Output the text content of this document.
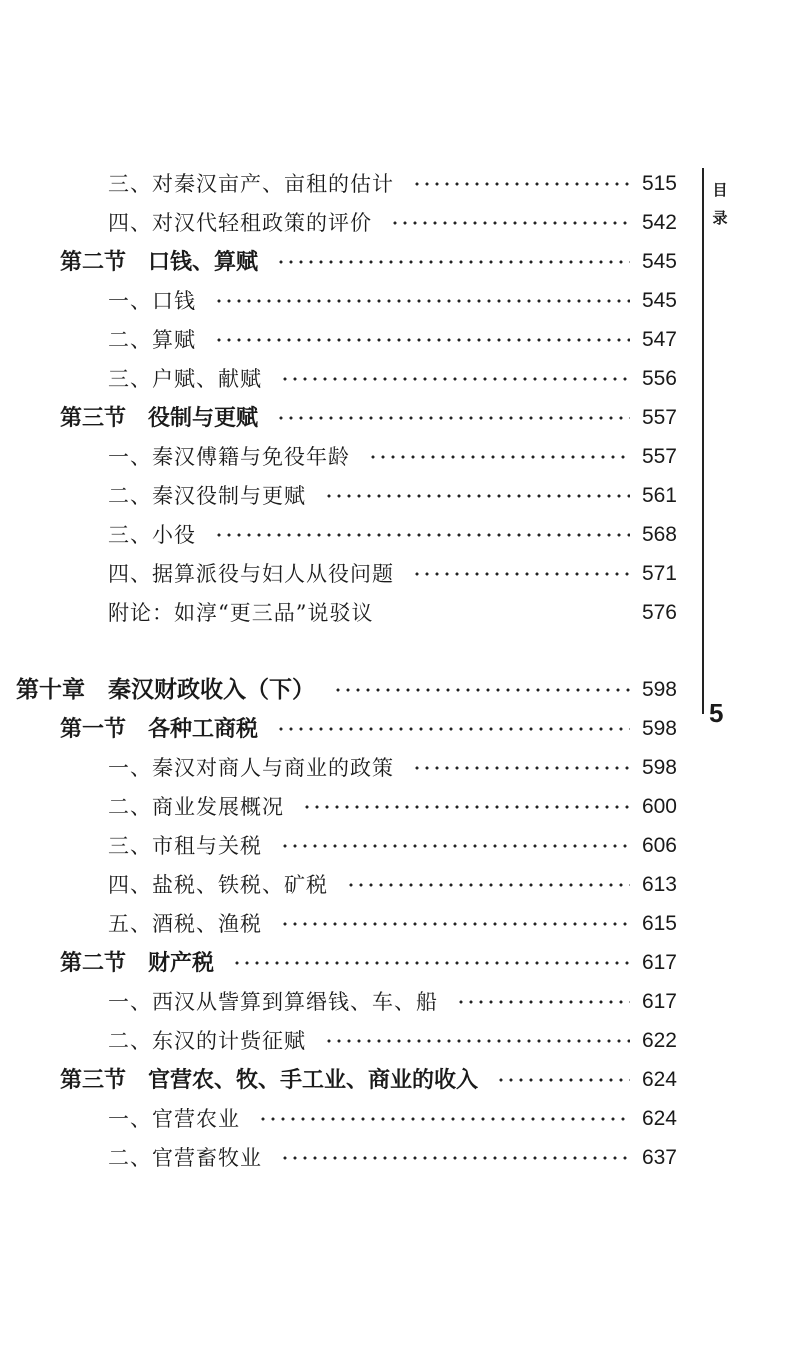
三、对秦汉亩产、亩租的估计	515
四、对汉代轻租政策的评价	542
第二节　口钱、算赋	545
一、口钱	545
二、算赋	547
三、户赋、献赋	556
第三节　役制与更赋	557
一、秦汉傅籍与免役年龄	557
二、秦汉役制与更赋	561
三、小役	568
四、据算派役与妇人从役问题	571
附论：如淳“更三品”说驳议	576
第十章　秦汉财政收入（下）	598
第一节　各种工商税	598
一、秦汉对商人与商业的政策	598
二、商业发展概况	600
三、市租与关税	606
四、盐税、铁税、矿税	613
五、酒税、渔税	615
第二节　财产税	617
一、西汉从訾算到算缗钱、车、船	617
二、东汉的计赀征赋	622
第三节　官营农、牧、手工业、商业的收入	624
一、官营农业	624
二、官营畜牧业	637
目
录
5
